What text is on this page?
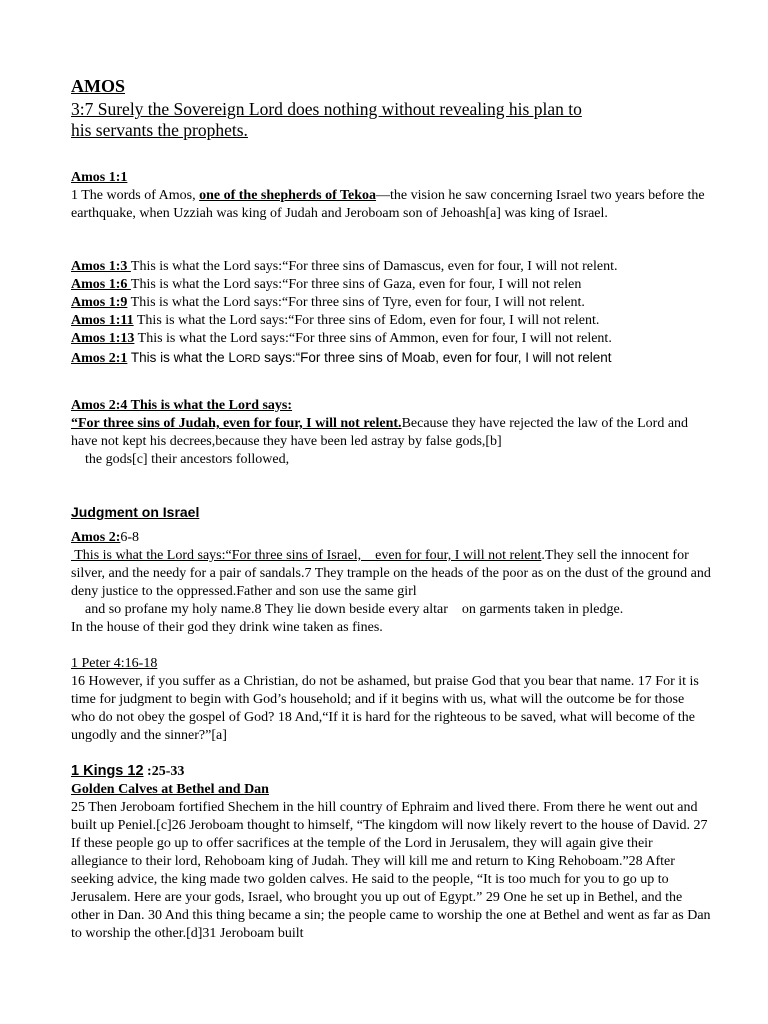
AMOS
3:7 Surely the Sovereign Lord does nothing without revealing his plan to
his servants the prophets.
Amos 1:1

1 The words of Amos, one of the shepherds of Tekoa—the vision he saw concerning Israel two years before the earthquake, when Uzziah was king of Judah and Jeroboam son of Jehoash[a] was king of Israel.

Amos 1:3 This is what the Lord says:“For three sins of Damascus, even for four, I will not relent.
Amos 1:6 This is what the Lord says:“For three sins of Gaza, even for four, I will not relen
Amos 1:9 This is what the Lord says:“For three sins of Tyre, even for four, I will not relent.
Amos 1:11 This is what the Lord says:“For three sins of Edom, even for four, I will not relent.
Amos 1:13 This is what the Lord says:“For three sins of Ammon, even for four, I will not relent.
Amos 2:1 This is what the LORD says:“For three sins of Moab, even for four, I will not relent
Amos 2:4 This is what the Lord says:

“For three sins of Judah, even for four, I will not relent.Because they have rejected the law of the Lord and have not kept his decrees,because they have been led astray by false gods,[b]

the gods[c] their ancestors followed,
Judgment on Israel
Amos 2:6-8

This is what the Lord says:“For three sins of Israel,    even for four, I will not relent.They sell the innocent for silver, and the needy for a pair of sandals.7 They trample on the heads of the poor as on the dust of the ground and deny justice to the oppressed.Father and son use the same girl

and so profane my holy name.8 They lie down beside every altar    on garments taken in pledge.
In the house of their god they drink wine taken as fines.
1 Peter 4:16-18

16 However, if you suffer as a Christian, do not be ashamed, but praise God that you bear that name. 17 For it is time for judgment to begin with God’s household; and if it begins with us, what will the outcome be for those who do not obey the gospel of God? 18 And,“If it is hard for the righteous to be saved, what will become of the ungodly and the sinner?”[a]

1 Kings 12 :25-33
Golden Calves at Bethel and Dan

25 Then Jeroboam fortified Shechem in the hill country of Ephraim and lived there. From there he went out and built up Peniel.[c]26 Jeroboam thought to himself, “The kingdom will now likely revert to the house of David. 27 If these people go up to offer sacrifices at the temple of the Lord in Jerusalem, they will again give their allegiance to their lord, Rehoboam king of Judah. They will kill me and return to King Rehoboam.”28 After seeking advice, the king made two golden calves. He said to the people, “It is too much for you to go up to Jerusalem. Here are your gods, Israel, who brought you up out of Egypt.” 29 One he set up in Bethel, and the other in Dan. 30 And this thing became a sin; the people came to worship the one at Bethel and went as far as Dan to worship the other.[d]31 Jeroboam built
